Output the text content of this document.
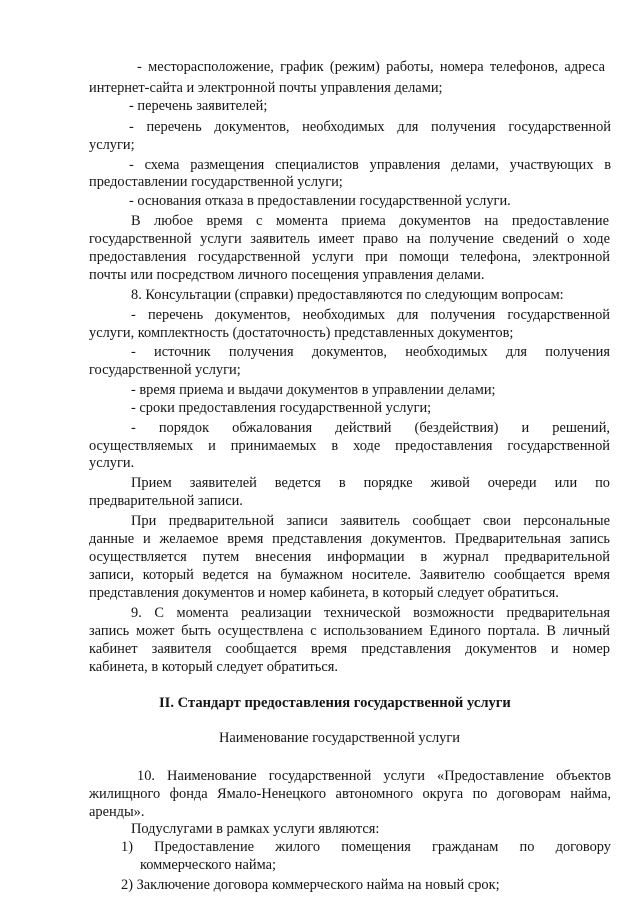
- месторасположение, график (режим) работы, номера телефонов, адреса
интернет-сайта и электронной почты управления делами;
- перечень заявителей;
- перечень документов, необходимых для получения государственной
услуги;
- схема размещения специалистов управления делами, участвующих в
предоставлении государственной услуги;
- основания отказа в предоставлении государственной услуги.
В любое время с момента приема документов на предоставление
государственной услуги заявитель имеет право на получение сведений о ходе
предоставления государственной услуги при помощи телефона, электронной
почты или посредством личного посещения управления делами.
8. Консультации (справки) предоставляются по следующим вопросам:
- перечень документов, необходимых для получения государственной
услуги, комплектность (достаточность) представленных документов;
- источник получения документов, необходимых для получения
государственной услуги;
- время приема и выдачи документов в управлении делами;
- сроки предоставления государственной услуги;
- порядок обжалования действий (бездействия) и решений,
осуществляемых и принимаемых в ходе предоставления государственной
услуги.
Прием заявителей ведется в порядке живой очереди или по
предварительной записи.
При предварительной записи заявитель сообщает свои персональные
данные и желаемое время представления документов. Предварительная запись
осуществляется путем внесения информации в журнал предварительной
записи, который ведется на бумажном носителе. Заявителю сообщается время
представления документов и номер кабинета, в который следует обратиться.
9. С момента реализации технической возможности предварительная
запись может быть осуществлена с использованием Единого портала. В личный
кабинет заявителя сообщается время представления документов и номер
кабинета, в который следует обратиться.
II. Стандарт предоставления государственной услуги
Наименование государственной услуги
10. Наименование государственной услуги «Предоставление объектов
жилищного фонда Ямало-Ненецкого автономного округа по договорам найма,
аренды».
Подуслугами в рамках услуги являются:
1) Предоставление жилого помещения гражданам по договору
коммерческого найма;
2) Заключение договора коммерческого найма на новый срок;
